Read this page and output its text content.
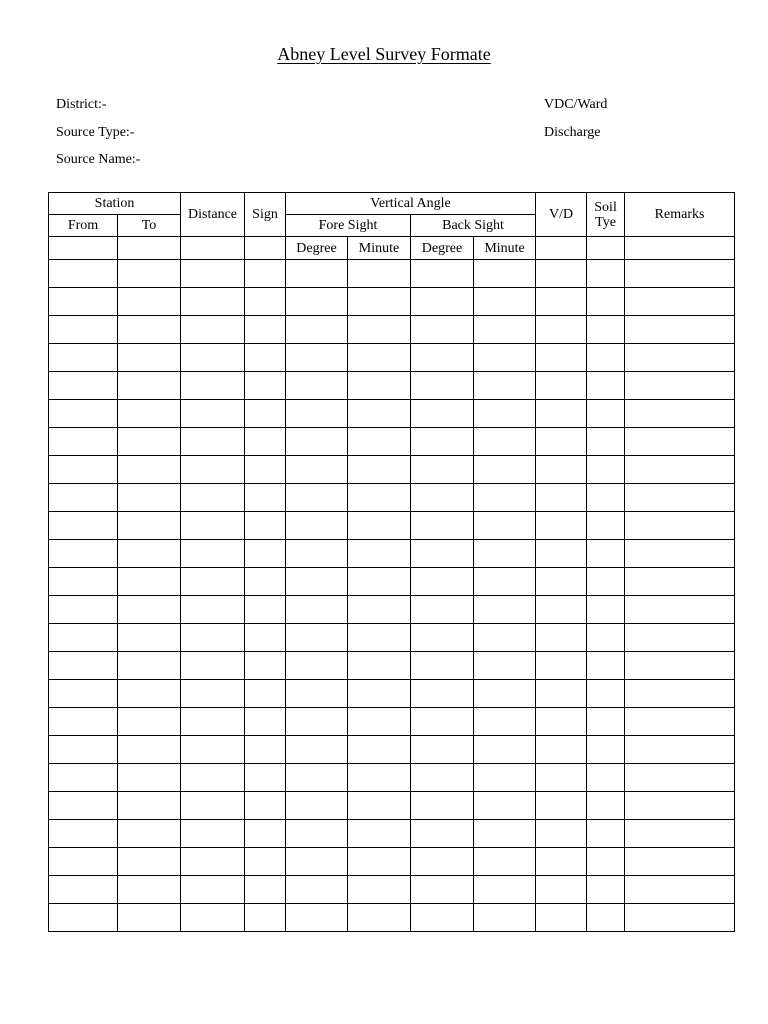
Abney Level Survey Formate
District:-
Source Type:-
Source Name:-
VDC/Ward
Discharge
Station		Distance	Sign	Vertical Angle				V/D	Soil Tye	Remarks
From	To			Fore Sight		Back Sight				
				Degree	Minute	Degree	Minute			
